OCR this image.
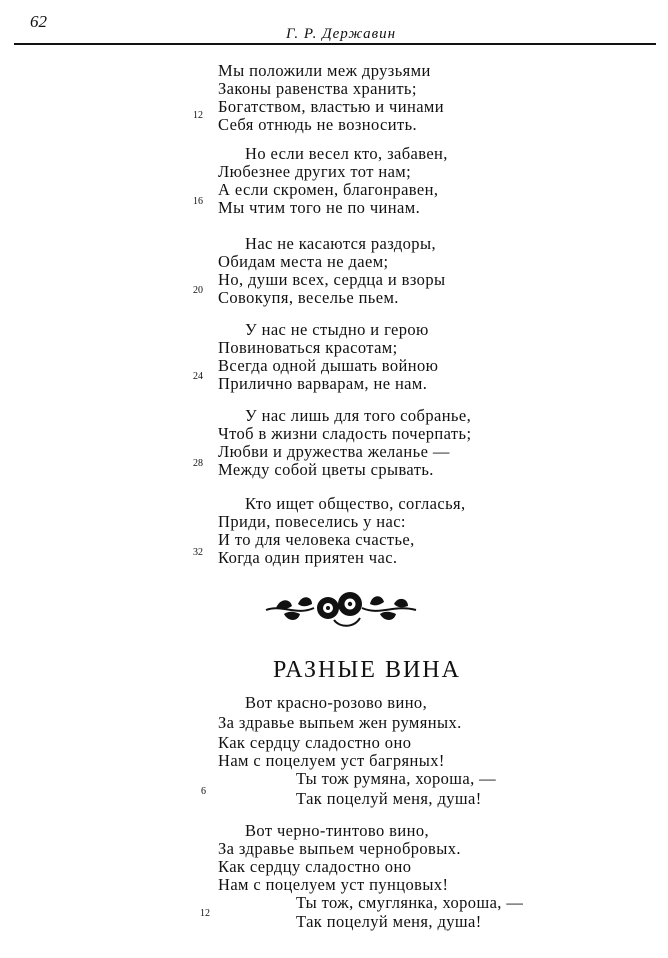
62
Г. Р. Державин
Мы положили меж друзьями
Законы равенства хранить;
Богатством, властью и чинами
Себя отнюдь не возносить.
12
Но если весел кто, забавен,
Любезнее других тот нам;
А если скромен, благонравен,
Мы чтим того не по чинам.
16
Нас не касаются раздоры,
Обидам места не даем;
Но, души всех, сердца и взоры
Совокупя, веселье пьем.
20
У нас не стыдно и герою
Повиноваться красотам;
Всегда одной дышать войною
Прилично варварам, не нам.
24
У нас лишь для того собранье,
Чтоб в жизни сладость почерпать;
Любви и дружества желанье —
Между собой цветы срывать.
28
Кто ищет общество, согласья,
Приди, повеселись у нас:
И то для человека счастье,
Когда один приятен час.
32
РАЗНЫЕ ВИНА
Вот красно-розово вино,
За здравье выпьем жен румяных.
Как сердцу сладостно оно
Нам с поцелуем уст багряных!
Ты тож румяна, хороша, —
Так поцелуй меня, душа!
6
Вот черно-тинтово вино,
За здравье выпьем чернобровых.
Как сердцу сладостно оно
Нам с поцелуем уст пунцовых!
Ты тож, смуглянка, хороша, —
Так поцелуй меня, душа!
12
